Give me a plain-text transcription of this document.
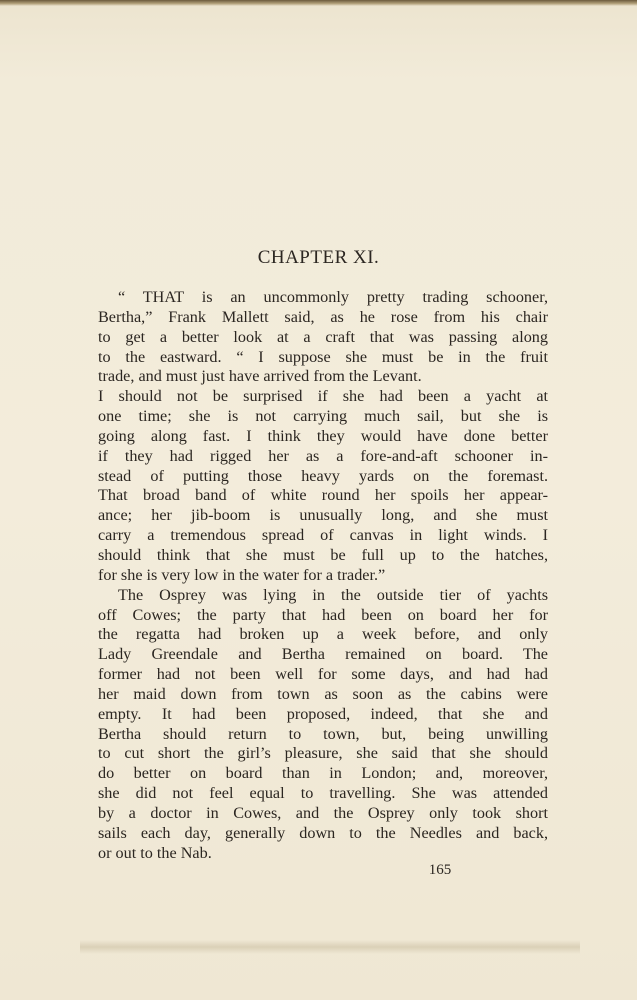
CHAPTER XI.
“ THAT is an uncommonly pretty trading schooner,
Bertha,” Frank Mallett said, as he rose from his chair
to get a better look at a craft that was passing along
to the eastward. “ I suppose she must be in the fruit
trade, and must just have arrived from the Levant.
I should not be surprised if she had been a yacht at
one time; she is not carrying much sail, but she is
going along fast. I think they would have done better
if they had rigged her as a fore-and-aft schooner in-
stead of putting those heavy yards on the foremast.
That broad band of white round her spoils her appear-
ance; her jib-boom is unusually long, and she must
carry a tremendous spread of canvas in light winds. I
should think that she must be full up to the hatches,
for she is very low in the water for a trader.”
The Osprey was lying in the outside tier of yachts
off Cowes; the party that had been on board her for
the regatta had broken up a week before, and only
Lady Greendale and Bertha remained on board. The
former had not been well for some days, and had had
her maid down from town as soon as the cabins were
empty. It had been proposed, indeed, that she and
Bertha should return to town, but, being unwilling
to cut short the girl’s pleasure, she said that she should
do better on board than in London; and, moreover,
she did not feel equal to travelling. She was attended
by a doctor in Cowes, and the Osprey only took short
sails each day, generally down to the Needles and back,
or out to the Nab.
165
